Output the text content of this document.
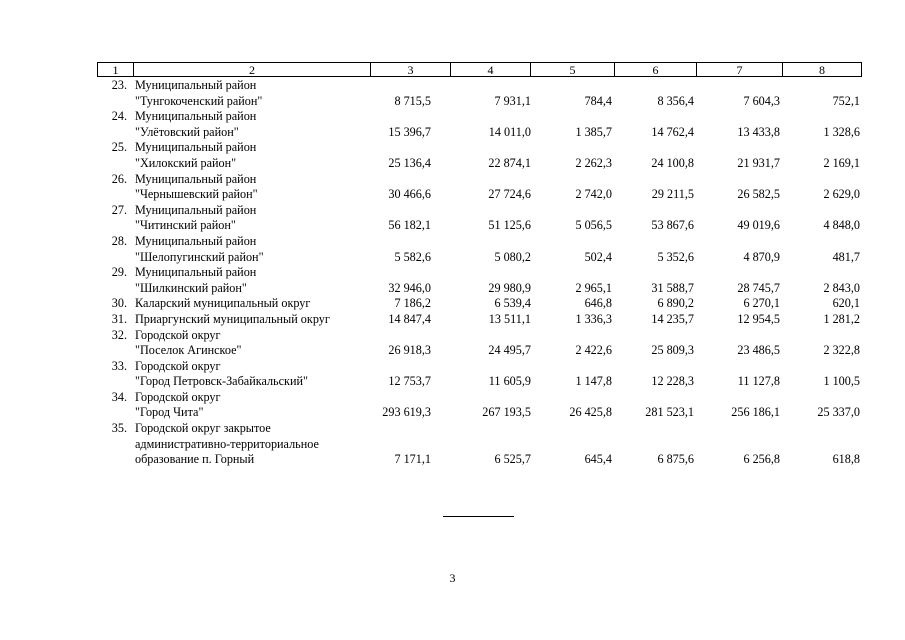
1	2	3	4	5	6	7	8
23. Муниципальный район
"Тунгокоченский район"	8 715,5	7 931,1	784,4	8 356,4	7 604,3	752,1
24. Муниципальный район
"Улётовский район"	15 396,7	14 011,0	1 385,7	14 762,4	13 433,8	1 328,6
25. Муниципальный район
"Хилокский район"	25 136,4	22 874,1	2 262,3	24 100,8	21 931,7	2 169,1
26. Муниципальный район
"Чернышевский район"	30 466,6	27 724,6	2 742,0	29 211,5	26 582,5	2 629,0
27. Муниципальный район
"Читинский район"	56 182,1	51 125,6	5 056,5	53 867,6	49 019,6	4 848,0
28. Муниципальный район
"Шелопугинский район"	5 582,6	5 080,2	502,4	5 352,6	4 870,9	481,7
29. Муниципальный район
"Шилкинский район"	32 946,0	29 980,9	2 965,1	31 588,7	28 745,7	2 843,0
30. Каларский муниципальный округ	7 186,2	6 539,4	646,8	6 890,2	6 270,1	620,1
31. Приаргунский муниципальный округ	14 847,4	13 511,1	1 336,3	14 235,7	12 954,5	1 281,2
32. Городской округ
"Поселок Агинское"	26 918,3	24 495,7	2 422,6	25 809,3	23 486,5	2 322,8
33. Городской округ
"Город Петровск-Забайкальский"	12 753,7	11 605,9	1 147,8	12 228,3	11 127,8	1 100,5
34. Городской округ
"Город Чита"	293 619,3	267 193,5	26 425,8	281 523,1	256 186,1	25 337,0
35. Городской округ закрытое
административно-территориальное
образование п. Горный	7 171,1	6 525,7	645,4	6 875,6	6 256,8	618,8
3
